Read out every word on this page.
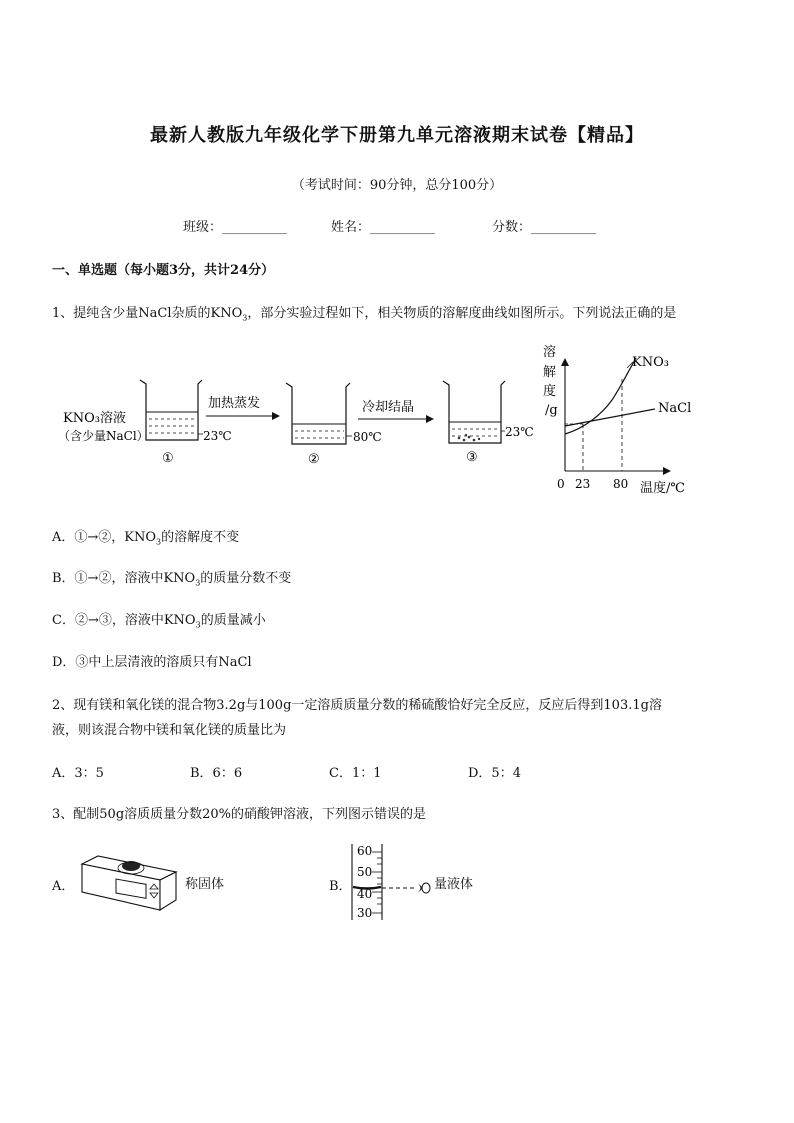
最新人教版九年级化学下册第九单元溶液期末试卷【精品】
（考试时间：90分钟，总分100分）
班级：__________	姓名：__________	分数：__________
一、单选题（每小题3分，共计24分）
1、提纯含少量NaCl杂质的$KNO_3$，部分实验过程如下，相关物质的溶解度曲线如图所示。下列说法正确的是
KNO₃溶液
（含少量NaCl）	23℃
①
加热蒸发
80℃
②
冷却结晶
23℃
③
溶
解
度
/g
0 23 80 温度/℃
KNO₃
NaCl
A．①→②，$KNO_3$的溶解度不变
B．①→②，溶液中$KNO_3$的质量分数不变
C．②→③，溶液中$KNO_3$的质量减小
D．③中上层清液的溶质只有NaCl
2、现有镁和氧化镁的混合物3.2g与100g一定溶质质量分数的稀硫酸恰好完全反应，反应后得到103.1g溶
液，则该混合物中镁和氧化镁的质量比为
A．3：5	B．6：6	C．1：1	D．5：4
3、配制50g溶质质量分数20%的硝酸钾溶液，下列图示错误的是
A．	称固体	B．
60
50
40
30
量液体
